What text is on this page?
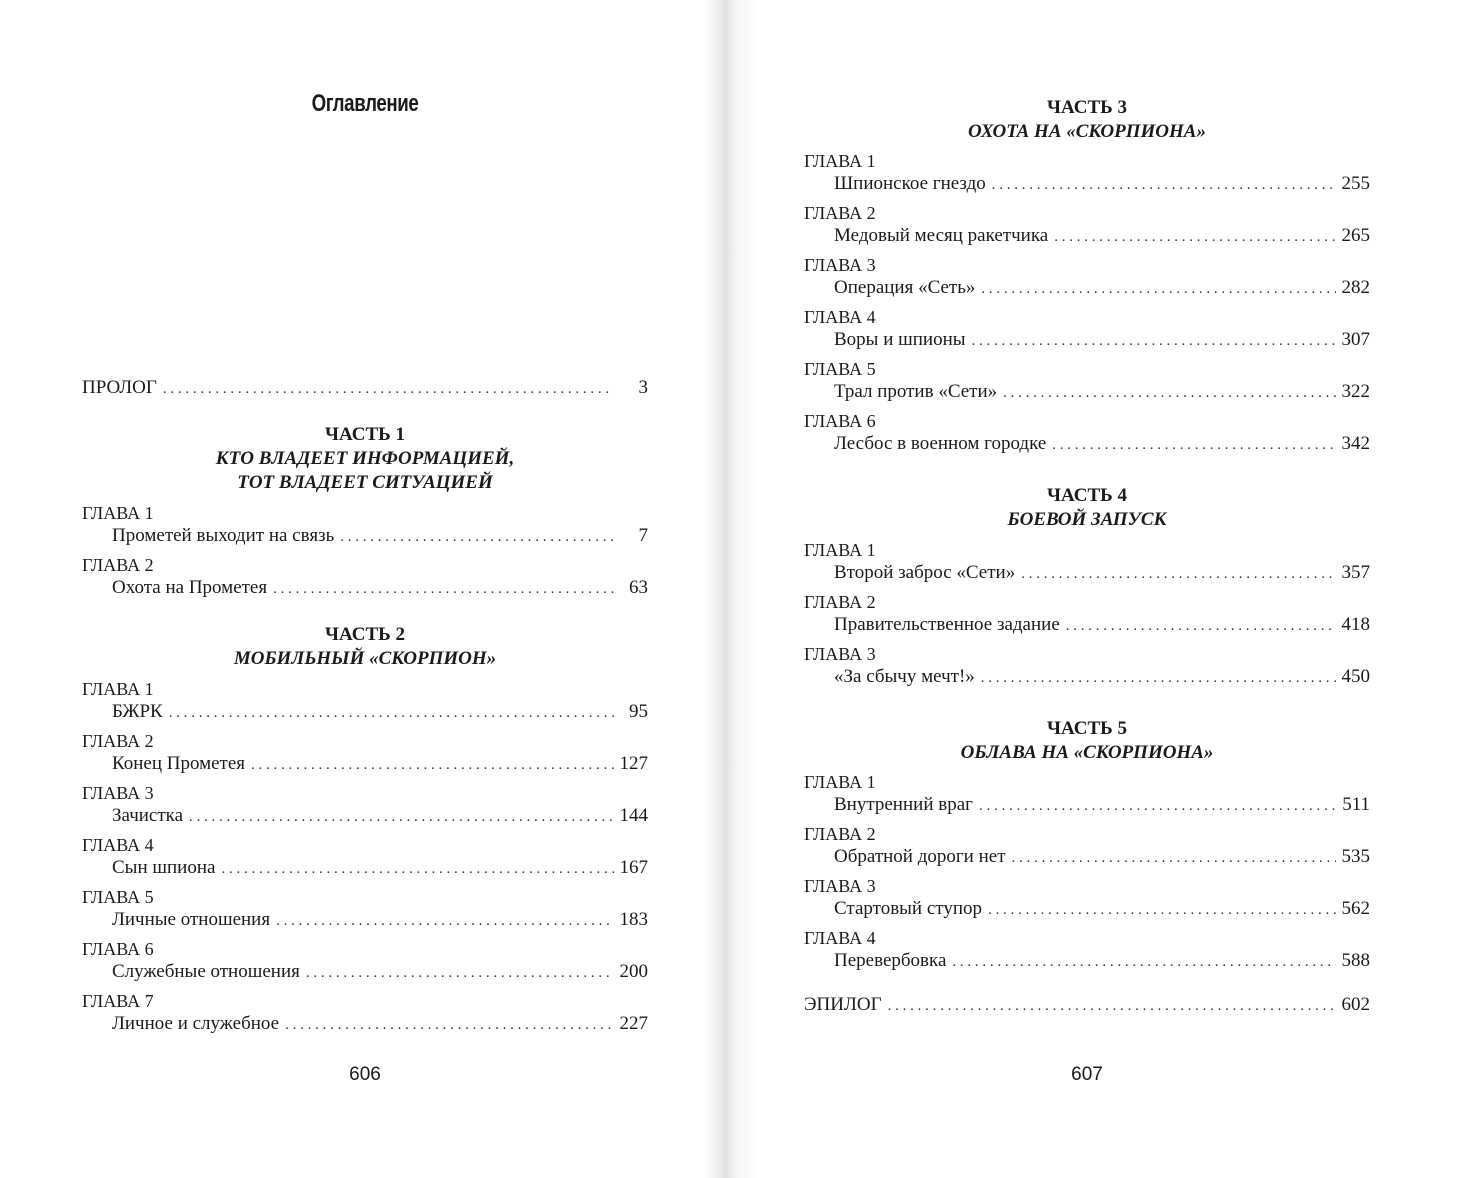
Оглавление
ПРОЛОГ . . .	3
ЧАСТЬ 1
КТО ВЛАДЕЕТ ИНФОРМАЦИЕЙ,
ТОТ ВЛАДЕЕТ СИТУАЦИЕЙ
ГЛАВА 1
Прометей выходит на связь . . .	7
ГЛАВА 2
Охота на Прометея . . .	63
ЧАСТЬ 2
МОБИЛЬНЫЙ «СКОРПИОН»
ГЛАВА 1
БЖРК . . .	95
ГЛАВА 2
Конец Прометея . . .	127
ГЛАВА 3
Зачистка . . .	144
ГЛАВА 4
Сын шпиона . . .	167
ГЛАВА 5
Личные отношения . . .	183
ГЛАВА 6
Служебные отношения . . .	200
ГЛАВА 7
Личное и служебное . . .	227
606
ЧАСТЬ 3
ОХОТА НА «СКОРПИОНА»
ГЛАВА 1
Шпионское гнездо . . .	255
ГЛАВА 2
Медовый месяц ракетчика . . .	265
ГЛАВА 3
Операция «Сеть» . . .	282
ГЛАВА 4
Воры и шпионы . . .	307
ГЛАВА 5
Трал против «Сети» . . .	322
ГЛАВА 6
Лесбос в военном городке . . .	342
ЧАСТЬ 4
БОЕВОЙ ЗАПУСК
ГЛАВА 1
Второй заброс «Сети» . . .	357
ГЛАВА 2
Правительственное задание . . .	418
ГЛАВА 3
«За сбычу мечт!» . . .	450
ЧАСТЬ 5
ОБЛАВА НА «СКОРПИОНА»
ГЛАВА 1
Внутренний враг . . .	511
ГЛАВА 2
Обратной дороги нет . . .	535
ГЛАВА 3
Стартовый ступор . . .	562
ГЛАВА 4
Перевербовка . . .	588
ЭПИЛОГ . . .	602
607
